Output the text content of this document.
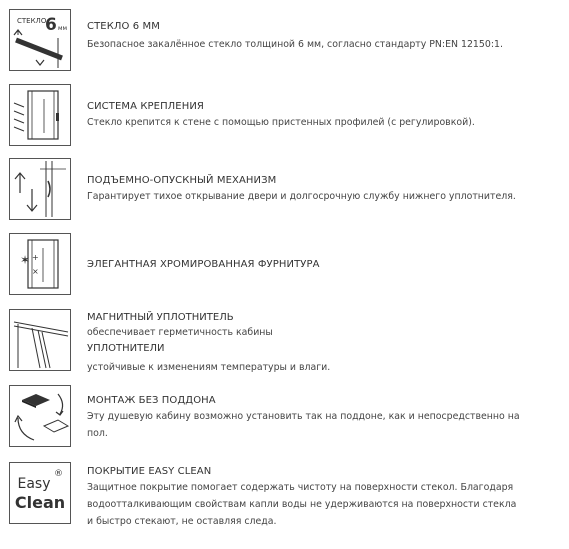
СТЕКЛО
6 мм СТЕКЛО 6 ММ
Безопасное закалённое стекло толщиной 6 мм, согласно стандарту PN:EN 12150:1.
СИСТЕМА КРЕПЛЕНИЯ
Стекло крепится к стене с помощью пристенных профилей (с регулировкой).
ПОДЪЕМНО-ОПУСКНЫЙ МЕХАНИЗМ
Гарантирует тихое открывание двери и долгосрочную службу нижнего уплотнителя.
✶ +
×
ЭЛЕГАНТНАЯ ХРОМИРОВАННАЯ ФУРНИТУРА
МАГНИТНЫЙ УПЛОТНИТЕЛЬ
обеспечивает герметичность кабины
УПЛОТНИТЕЛИ
устойчивые к изменениям температуры и влаги.
МОНТАЖ БЕЗ ПОДДОНА
Эту душевую кабину возможно установить так на поддоне, как и непосредственно на
пол.
Easy
Clean
® ПОКРЫТИЕ EASY CLEAN
Защитное покрытие помогает содержать чистоту на поверхности стекол. Благодаря
водоотталкивающим свойствам капли воды не удерживаются на поверхности стекла
и быстро стекают, не оставляя следа.
